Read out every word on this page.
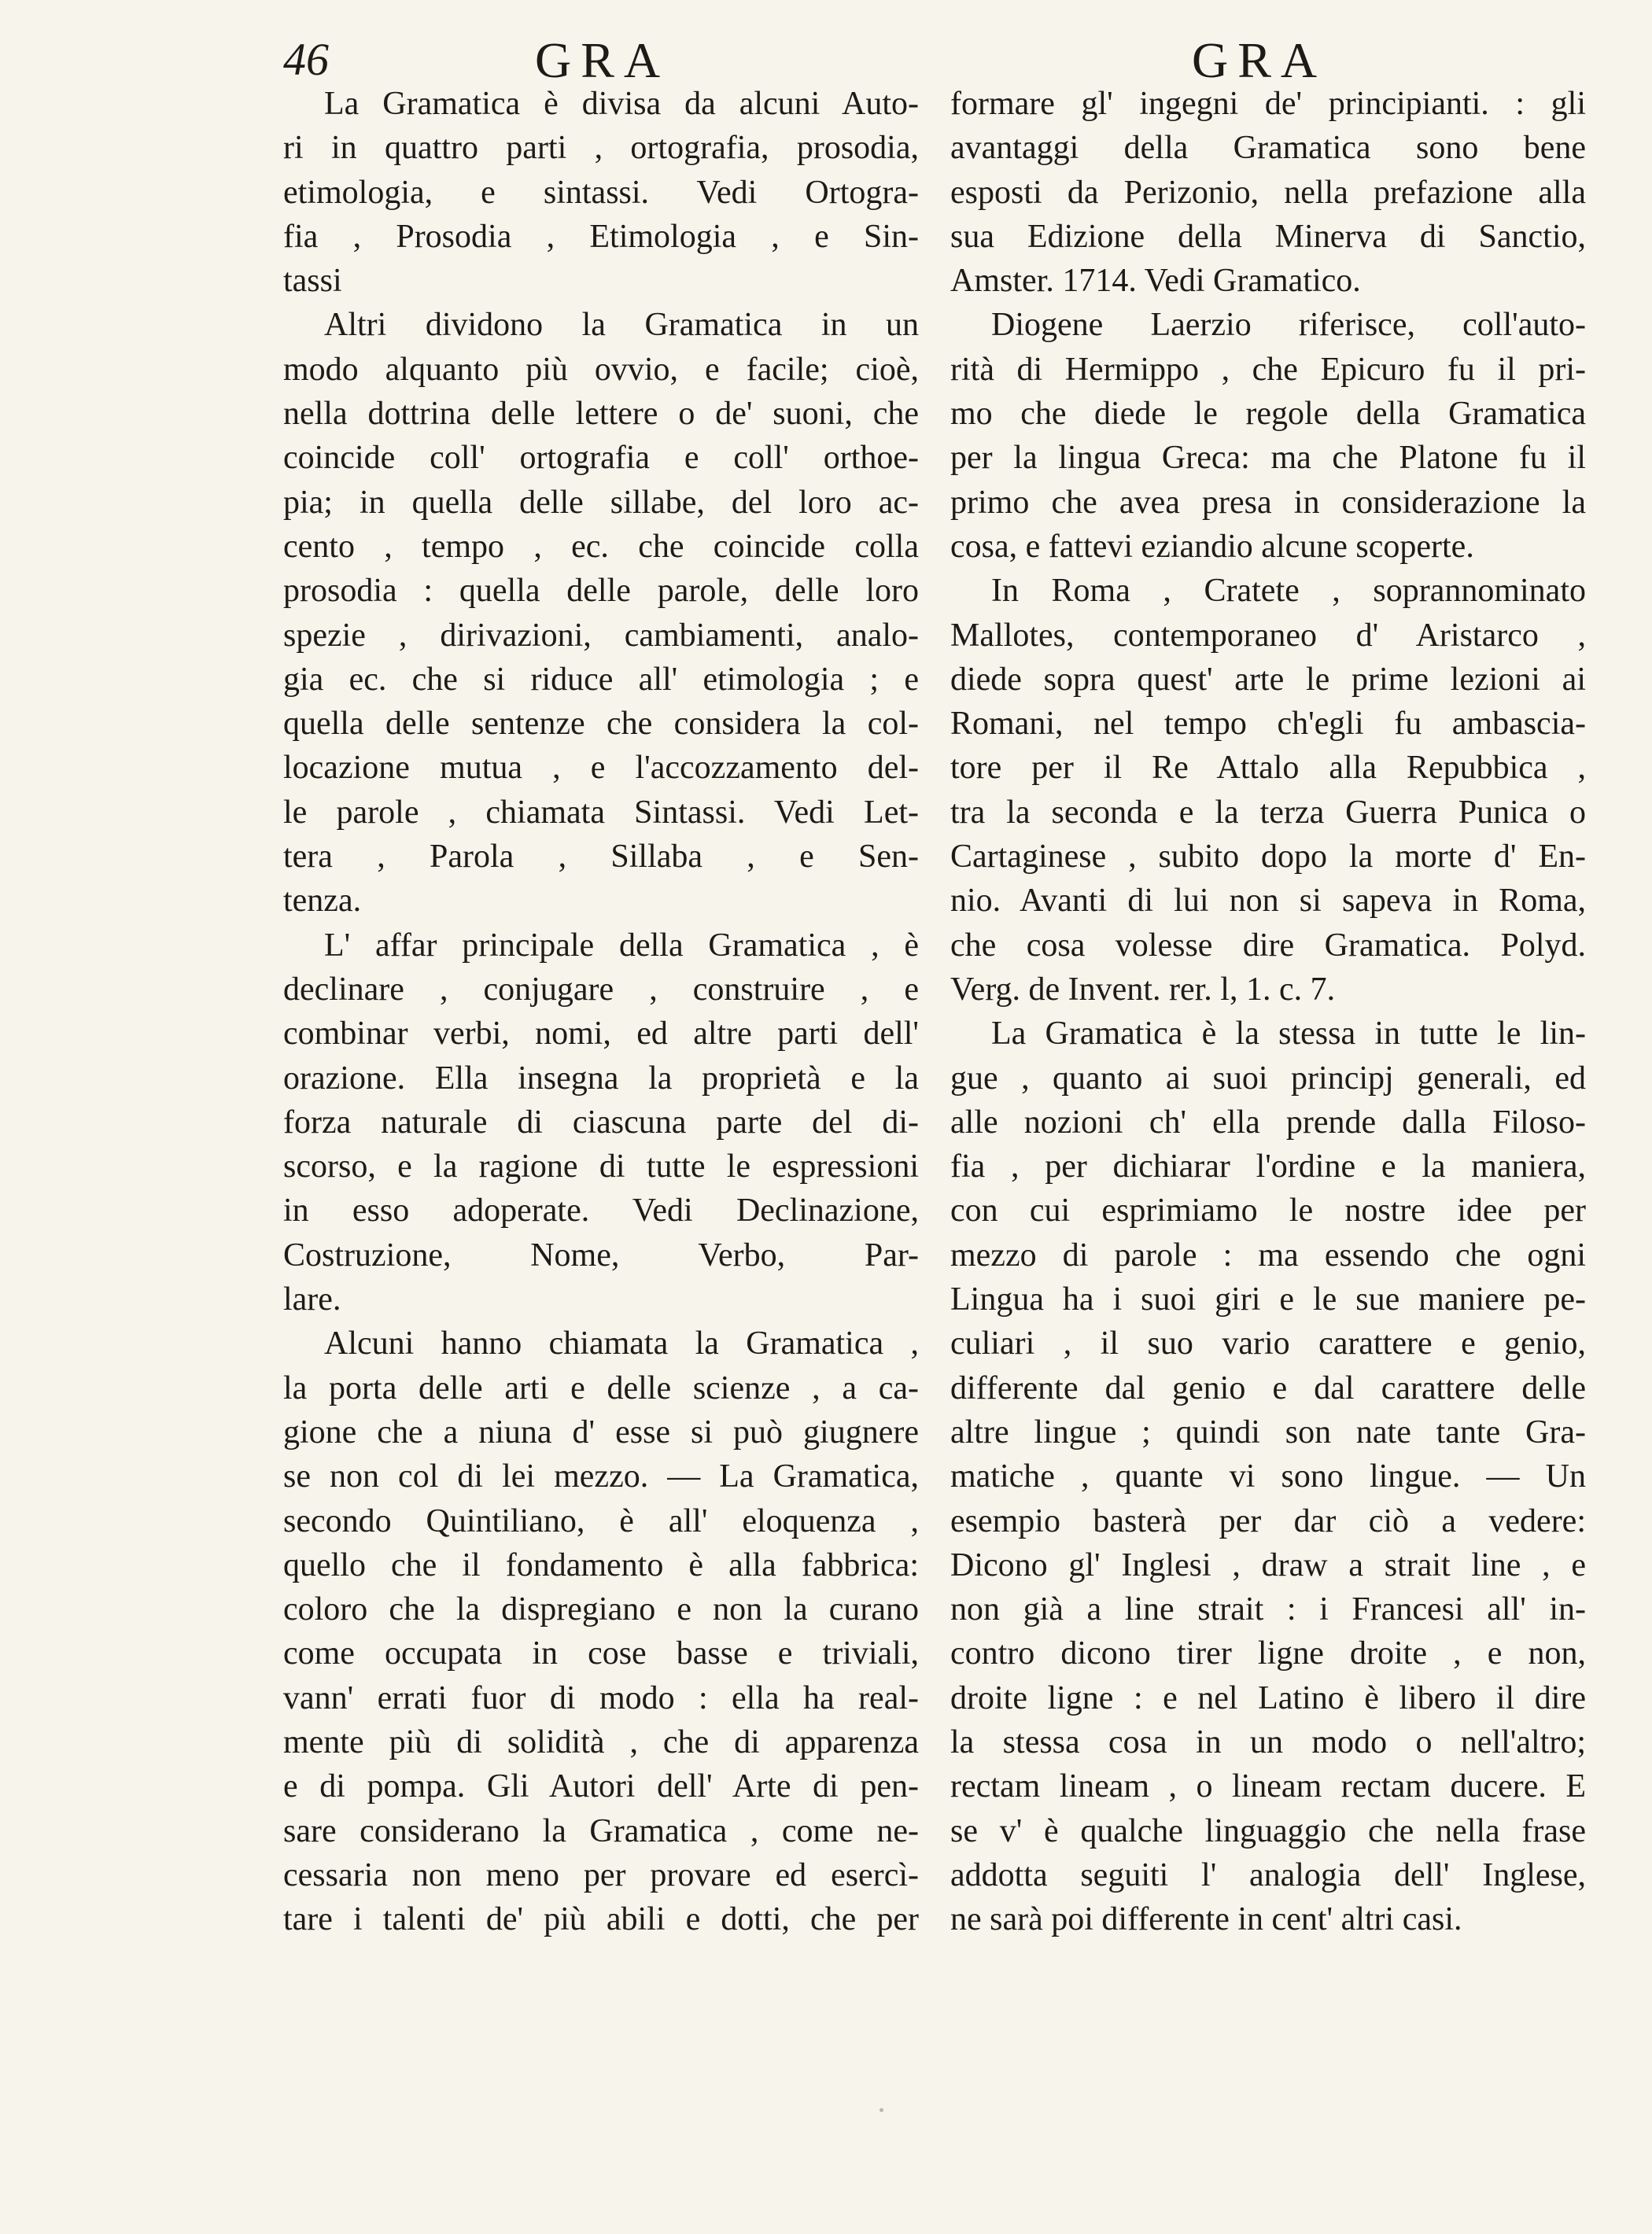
46	GRA	GRA
La Gramatica è divisa da alcuni Auto-
ri in quattro parti , ortografia, prosodia,
etimologia, e sintassi. Vedi Ortogra-
fia , Prosodia , Etimologia , e Sin-
tassi
Altri dividono la Gramatica in un
modo alquanto più ovvio, e facile; cioè,
nella dottrina delle lettere o de' suoni, che
coincide coll' ortografia e coll' orthoe-
pia; in quella delle sillabe, del loro ac-
cento , tempo , ec. che coincide colla
prosodia : quella delle parole, delle loro
spezie , dirivazioni, cambiamenti, analo-
gia ec. che si riduce all' etimologia ; e
quella delle sentenze che considera la col-
locazione mutua , e l'accozzamento del-
le parole , chiamata Sintassi. Vedi Let-
tera , Parola , Sillaba , e Sen-
tenza.
L' affar principale della Gramatica , è
declinare , conjugare , construire , e
combinar verbi, nomi, ed altre parti dell'
orazione. Ella insegna la proprietà e la
forza naturale di ciascuna parte del di-
scorso, e la ragione di tutte le espressioni
in esso adoperate. Vedi Declinazione,
Costruzione, Nome, Verbo, Par-
lare.
Alcuni hanno chiamata la Gramatica ,
la porta delle arti e delle scienze , a ca-
gione che a niuna d' esse si può giugnere
se non col di lei mezzo. — La Gramatica,
secondo Quintiliano, è all' eloquenza ,
quello che il fondamento è alla fabbrica:
coloro che la dispregiano e non la curano
come occupata in cose basse e triviali,
vann' errati fuor di modo : ella ha real-
mente più di solidità , che di apparenza
e di pompa. Gli Autori dell' Arte di pen-
sare considerano la Gramatica , come ne-
cessaria non meno per provare ed esercì-
tare i talenti de' più abili e dotti, che per
formare gl' ingegni de' principianti. : gli
avantaggi della Gramatica sono bene
esposti da Perizonio, nella prefazione alla
sua Edizione della Minerva di Sanctio,
Amster. 1714. Vedi Gramatico.
Diogene Laerzio riferisce, coll'auto-
rità di Hermippo , che Epicuro fu il pri-
mo che diede le regole della Gramatica
per la lingua Greca: ma che Platone fu il
primo che avea presa in considerazione la
cosa, e fattevi eziandio alcune scoperte.
In Roma , Cratete , soprannominato
Mallotes, contemporaneo d' Aristarco ,
diede sopra quest' arte le prime lezioni ai
Romani, nel tempo ch'egli fu ambascia-
tore per il Re Attalo alla Repubbica ,
tra la seconda e la terza Guerra Punica o
Cartaginese , subito dopo la morte d' En-
nio. Avanti di lui non si sapeva in Roma,
che cosa volesse dire Gramatica. Polyd.
Verg. de Invent. rer. l, 1. c. 7.
La Gramatica è la stessa in tutte le lin-
gue , quanto ai suoi principj generali, ed
alle nozioni ch' ella prende dalla Filoso-
fia , per dichiarar l'ordine e la maniera,
con cui esprimiamo le nostre idee per
mezzo di parole : ma essendo che ogni
Lingua ha i suoi giri e le sue maniere pe-
culiari , il suo vario carattere e genio,
differente dal genio e dal carattere delle
altre lingue ; quindi son nate tante Gra-
matiche , quante vi sono lingue. — Un
esempio basterà per dar ciò a vedere:
Dicono gl' Inglesi , draw a strait line , e
non già a line strait : i Francesi all' in-
contro dicono tirer ligne droite , e non,
droite ligne : e nel Latino è libero il dire
la stessa cosa in un modo o nell'altro;
rectam lineam , o lineam rectam ducere. E
se v' è qualche linguaggio che nella frase
addotta seguiti l' analogia dell' Inglese,
ne sarà poi differente in cent' altri casi.
